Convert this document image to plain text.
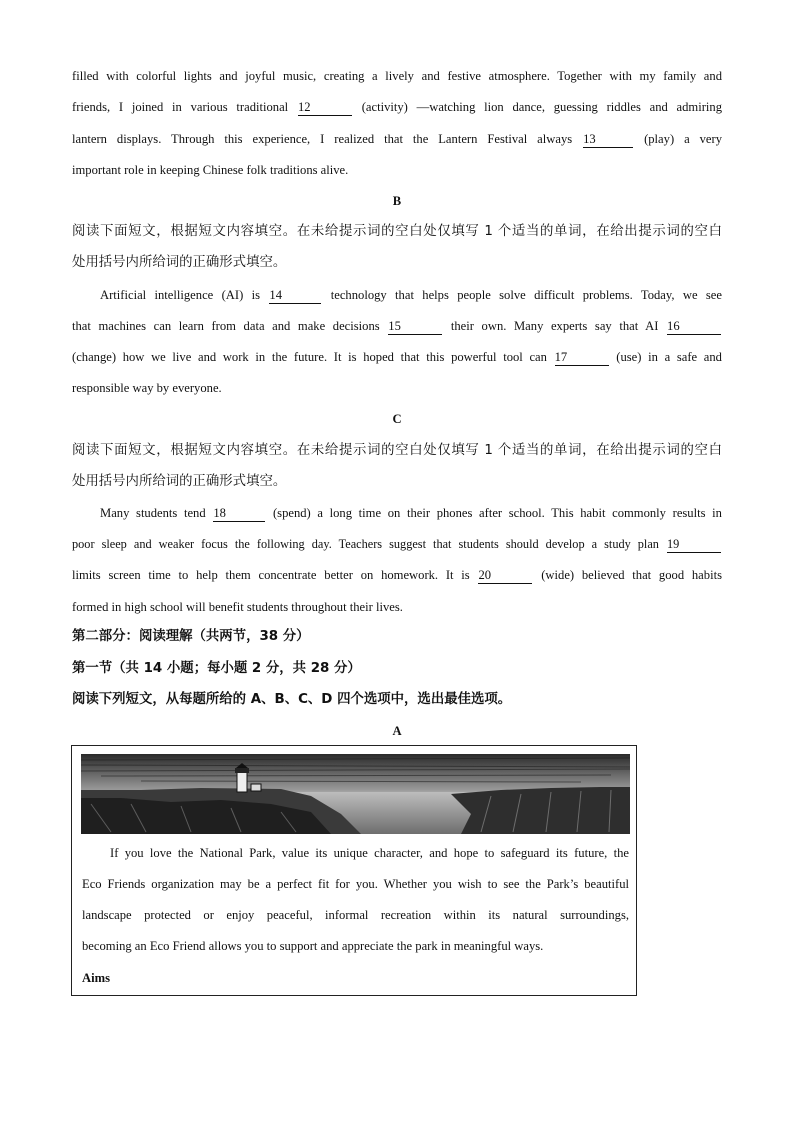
filled with colorful lights and joyful music, creating a lively and festive atmosphere. Together with my family and
friends, I joined in various traditional 12	(activity) —watching lion dance, guessing riddles and admiring
lantern displays. Through this experience, I realized that the Lantern Festival always 13	(play) a very
important role in keeping Chinese folk traditions alive.
B
阅读下面短文，根据短文内容填空。在未给提示词的空白处仅填写 1 个适当的单词，在给出提示词的空白
处用括号内所给词的正确形式填空。
Artificial intelligence (AI) is 14	technology that helps people solve difficult problems. Today, we see
that machines can learn from data and make decisions 15	their own. Many experts say that AI 16
(change) how we live and work in the future. It is hoped that this powerful tool can 17	(use) in a safe and
responsible way by everyone.
C
阅读下面短文，根据短文内容填空。在未给提示词的空白处仅填写 1 个适当的单词，在给出提示词的空白
处用括号内所给词的正确形式填空。
Many students tend 18	(spend) a long time on their phones after school. This habit commonly results in
poor sleep and weaker focus the following day. Teachers suggest that students should develop a study plan 19
limits screen time to help them concentrate better on homework. It is 20	(wide) believed that good habits
formed in high school will benefit students throughout their lives.
第二部分：阅读理解（共两节，38 分）
第一节（共 14 小题；每小题 2 分，共 28 分）
阅读下列短文，从每题所给的 A、B、C、D 四个选项中，选出最佳选项。
A
If you love the National Park, value its unique character, and hope to safeguard its future, the
Eco Friends organization may be a perfect fit for you. Whether you wish to see the Park’s beautiful
landscape protected or enjoy peaceful, informal recreation within its natural surroundings,
becoming an Eco Friend allows you to support and appreciate the park in meaningful ways.
Aims
